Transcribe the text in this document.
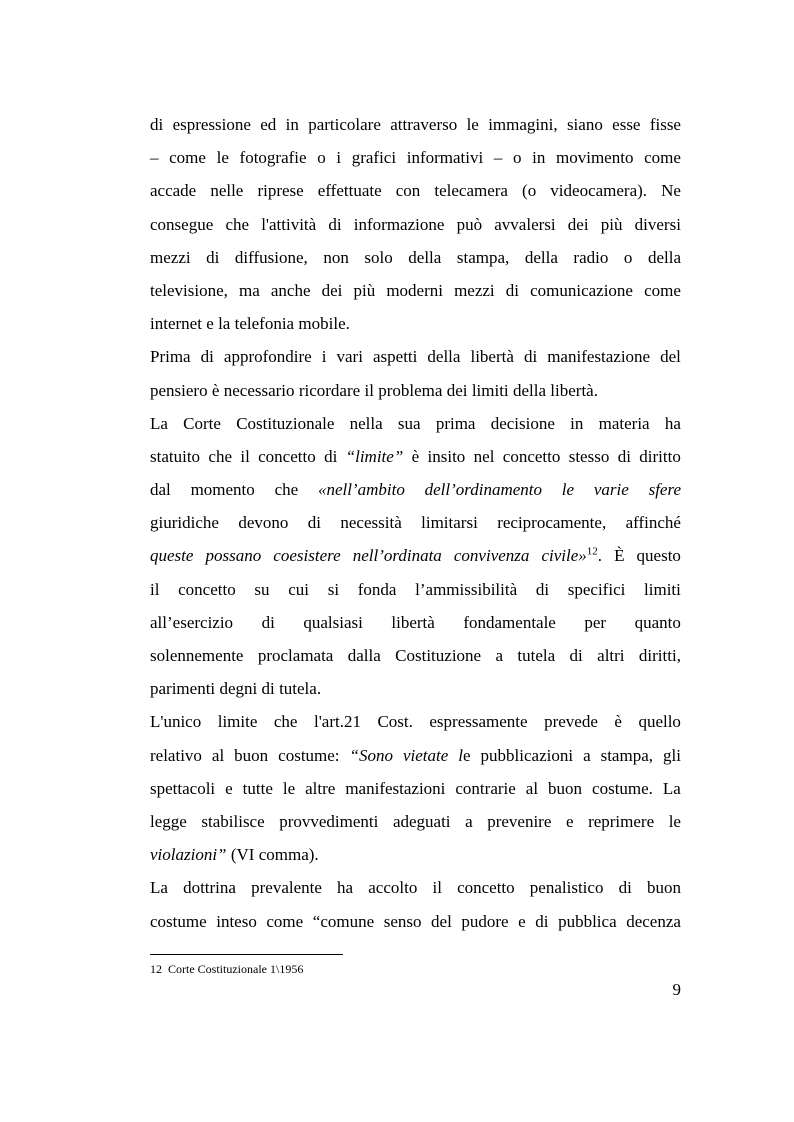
di espressione ed in particolare attraverso le immagini, siano esse fisse
– come le fotografie o i grafici informativi – o in movimento come
accade nelle riprese effettuate con telecamera (o videocamera). Ne
consegue che l'attività di informazione può avvalersi dei più diversi
mezzi di diffusione, non solo della stampa, della radio o della
televisione, ma anche dei più moderni mezzi di comunicazione come
internet e la telefonia mobile.
Prima di approfondire i vari aspetti della libertà di manifestazione del
pensiero è necessario ricordare il problema dei limiti della libertà.
La Corte Costituzionale nella sua prima decisione in materia ha
statuito che il concetto di “limite” è insito nel concetto stesso di diritto
dal momento che «nell’ambito dell’ordinamento le varie sfere
giuridiche devono di necessità limitarsi reciprocamente, affinché
queste possano coesistere nell’ordinata convivenza civile»$^{12}$. È questo
il concetto su cui si fonda l’ammissibilità di specifici limiti
all’esercizio di qualsiasi libertà fondamentale per quanto
solennemente proclamata dalla Costituzione a tutela di altri diritti,
parimenti degni di tutela.
L'unico limite che l'art.21 Cost. espressamente prevede è quello
relativo al buon costume: “Sono vietate le pubblicazioni a stampa, gli
spettacoli e tutte le altre manifestazioni contrarie al buon costume. La
legge stabilisce provvedimenti adeguati a prevenire e reprimere le
violazioni” (VI comma).
La dottrina prevalente ha accolto il concetto penalistico di buon
costume inteso come “comune senso del pudore e di pubblica decenza
12 Corte Costituzionale 1\1956
9
